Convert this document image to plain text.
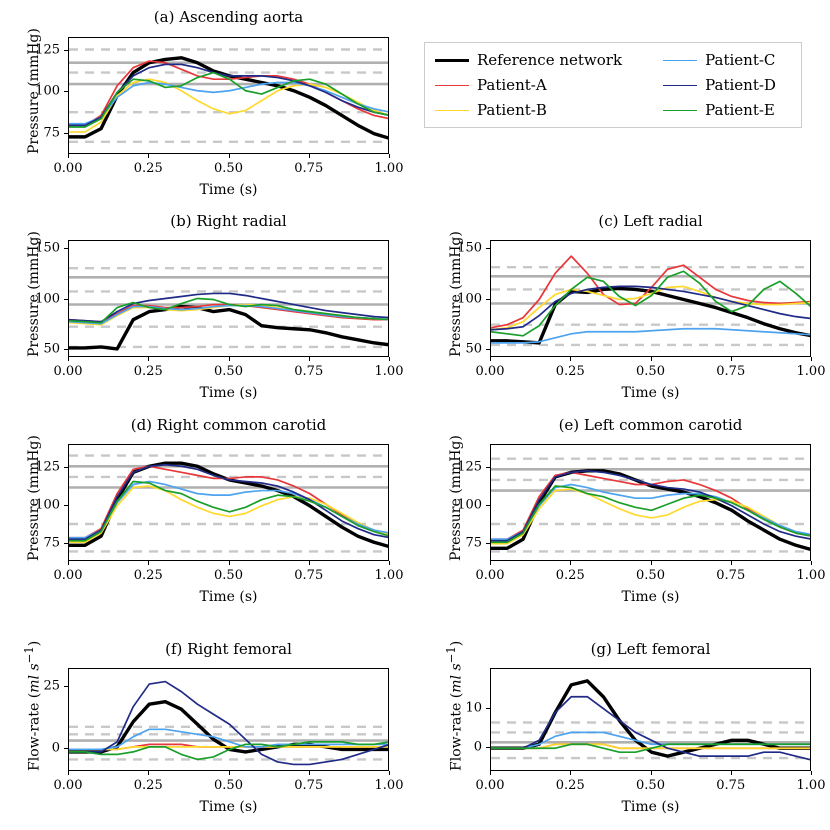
(a) Ascending aorta
Pressure (mmHg) 75
100
125
0.00	0.25	0.50	0.75	1.00
Time (s)
(b) Right radial
Pressure (mmHg) 50
100
150
0.00	0.25	0.50	0.75	1.00
Time (s)
(c) Left radial
Pressure (mmHg) 50
100
150
0.00	0.25	0.50	0.75	1.00
Time (s)
(d) Right common carotid
Pressure (mmHg) 75
100
125
0.00	0.25	0.50	0.75	1.00
Time (s)
(e) Left common carotid
Pressure (mmHg) 75
100
125
0.00	0.25	0.50	0.75	1.00
Time (s)
(f) Right femoral
Flow-rate (ml $s^{-1}$)
0
25
0.00	0.25	0.50	0.75	1.00
Time (s)
(g) Left femoral
Flow-rate (ml $s^{-1}$)
0
10
0.00	0.25	0.50	0.75	1.00
Time (s)
Reference network	Patient-C
Patient-A	Patient-D
Patient-B	Patient-E
